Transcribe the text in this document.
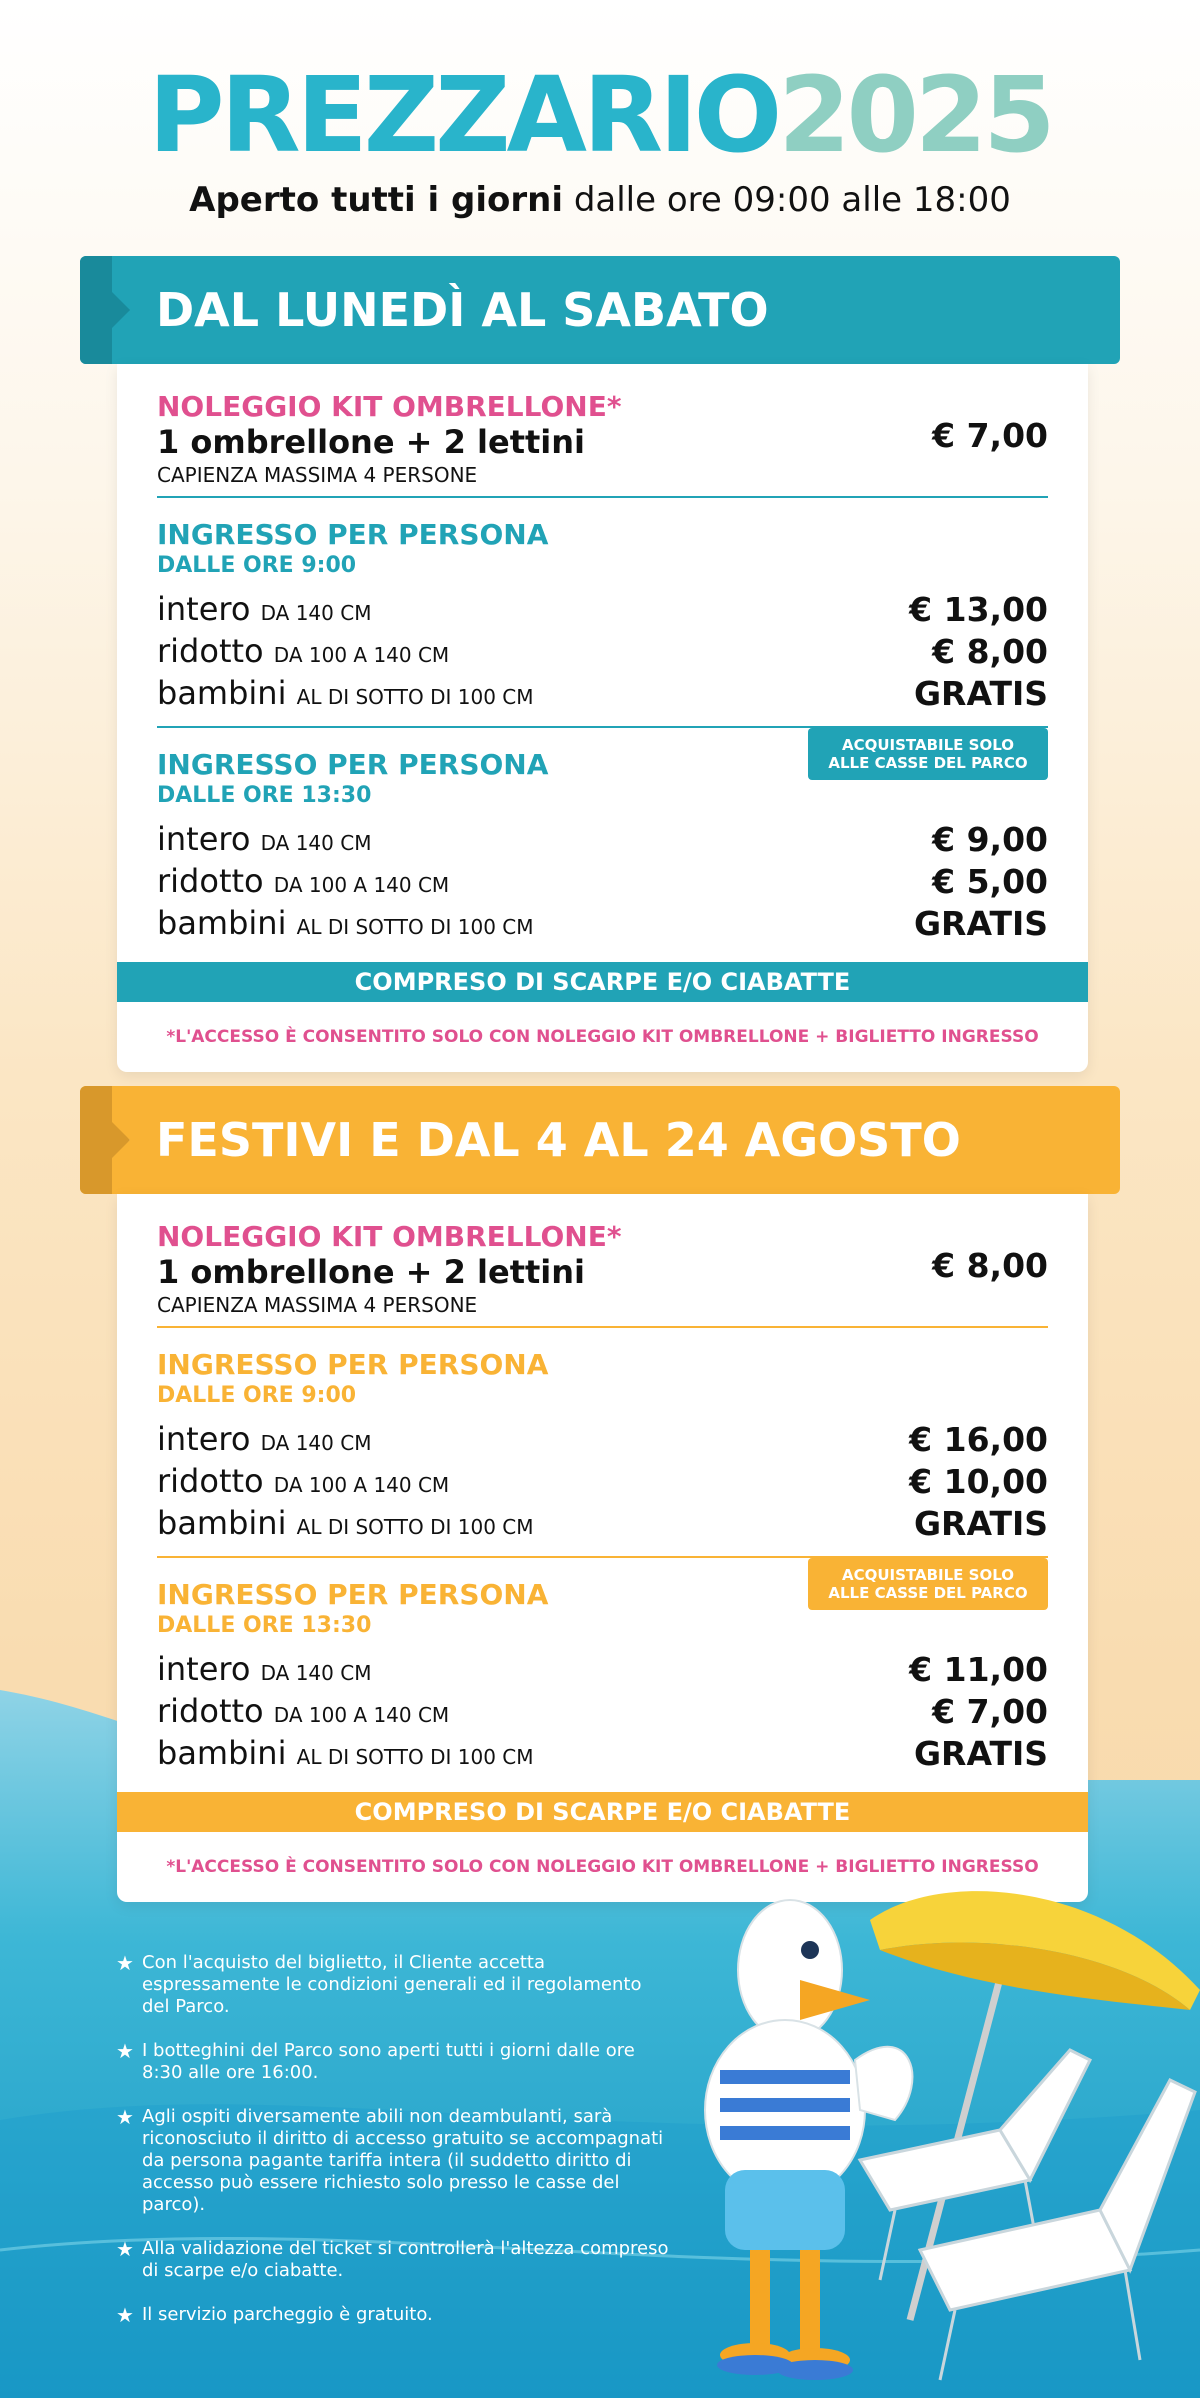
PREZZARIO2025
Aperto tutti i giorni dalle ore 09:00 alle 18:00
DAL LUNEDÌ AL SABATO
NOLEGGIO KIT OMBRELLONE*
1 ombrellone + 2 lettini
CAPIENZA MASSIMA 4 PERSONE
€ 7,00
INGRESSO PER PERSONA
DALLE ORE 9:00
intero DA 140 CM	€ 13,00
ridotto DA 100 A 140 CM	€ 8,00
bambini AL DI SOTTO DI 100 CM	GRATIS
ACQUISTABILE SOLO
ALLE CASSE DEL PARCO
INGRESSO PER PERSONA
DALLE ORE 13:30
intero DA 140 CM	€ 9,00
ridotto DA 100 A 140 CM	€ 5,00
bambini AL DI SOTTO DI 100 CM	GRATIS
COMPRESO DI SCARPE E/O CIABATTE
*L'ACCESSO È CONSENTITO SOLO CON NOLEGGIO KIT OMBRELLONE + BIGLIETTO INGRESSO
FESTIVI E DAL 4 AL 24 AGOSTO
NOLEGGIO KIT OMBRELLONE*
1 ombrellone + 2 lettini
CAPIENZA MASSIMA 4 PERSONE
€ 8,00
INGRESSO PER PERSONA
DALLE ORE 9:00
intero DA 140 CM	€ 16,00
ridotto DA 100 A 140 CM	€ 10,00
bambini AL DI SOTTO DI 100 CM	GRATIS
ACQUISTABILE SOLO
ALLE CASSE DEL PARCO
INGRESSO PER PERSONA
DALLE ORE 13:30
intero DA 140 CM	€ 11,00
ridotto DA 100 A 140 CM	€ 7,00
bambini AL DI SOTTO DI 100 CM	GRATIS
COMPRESO DI SCARPE E/O CIABATTE
*L'ACCESSO È CONSENTITO SOLO CON NOLEGGIO KIT OMBRELLONE + BIGLIETTO INGRESSO
★ Con l'acquisto del biglietto, il Cliente accetta espressamente le condizioni generali ed il regolamento del Parco.
★ I botteghini del Parco sono aperti tutti i giorni dalle ore 8:30 alle ore 16:00.
★ Agli ospiti diversamente abili non deambulanti, sarà riconosciuto il diritto di accesso gratuito se accompagnati da persona pagante tariffa intera (il suddetto diritto di accesso può essere richiesto solo presso le casse del parco).
★ Alla validazione del ticket si controllerà l'altezza compreso di scarpe e/o ciabatte.
★ Il servizio parcheggio è gratuito.
